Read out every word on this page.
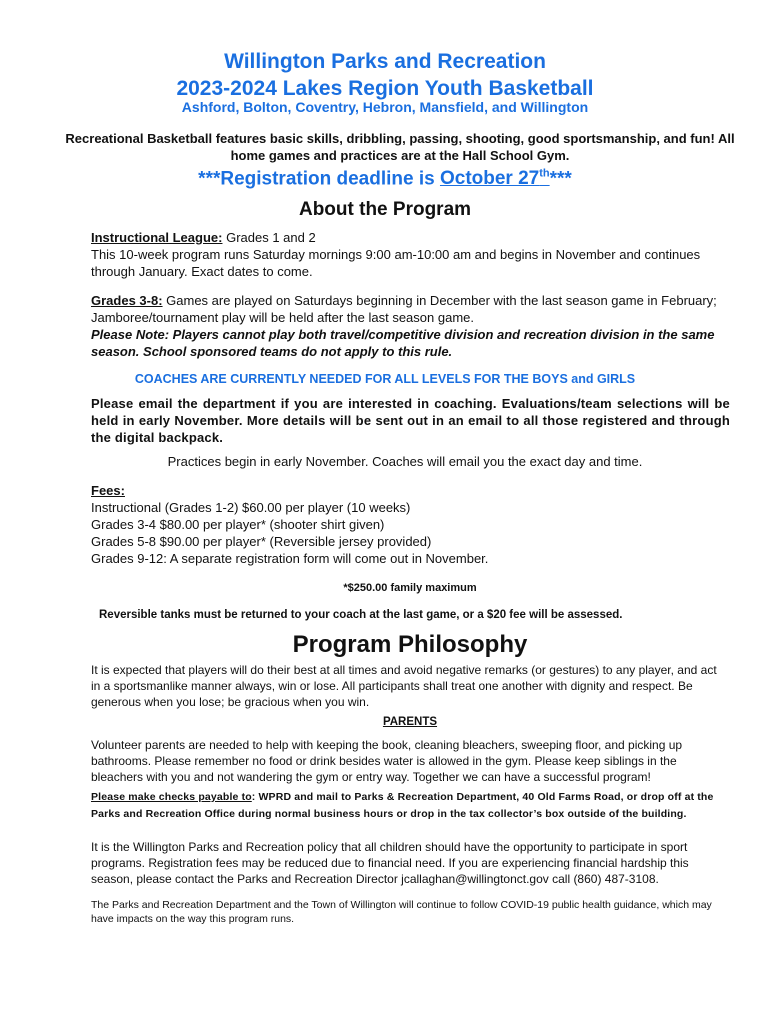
Willington Parks and Recreation
2023-2024 Lakes Region Youth Basketball
Ashford, Bolton, Coventry, Hebron, Mansfield, and Willington
Recreational Basketball features basic skills, dribbling, passing, shooting, good sportsmanship, and fun! All home games and practices are at the Hall School Gym.
***Registration deadline is October 27th***
About the Program
Instructional League: Grades 1 and 2
This 10-week program runs Saturday mornings 9:00 am-10:00 am and begins in November and continues through January. Exact dates to come.
Grades 3-8: Games are played on Saturdays beginning in December with the last season game in February; Jamboree/tournament play will be held after the last season game.
Please Note: Players cannot play both travel/competitive division and recreation division in the same season. School sponsored teams do not apply to this rule.
COACHES ARE CURRENTLY NEEDED FOR ALL LEVELS FOR THE BOYS and GIRLS
Please email the department if you are interested in coaching. Evaluations/team selections will be held in early November. More details will be sent out in an email to all those registered and through the digital backpack.
Practices begin in early November. Coaches will email you the exact day and time.
Fees:
Instructional (Grades 1-2) $60.00 per player (10 weeks)
Grades 3-4 $80.00 per player* (shooter shirt given)
Grades 5-8 $90.00 per player* (Reversible jersey provided)
Grades 9-12: A separate registration form will come out in November.
*$250.00 family maximum
Reversible tanks must be returned to your coach at the last game, or a $20 fee will be assessed.
Program Philosophy
It is expected that players will do their best at all times and avoid negative remarks (or gestures) to any player, and act in a sportsmanlike manner always, win or lose. All participants shall treat one another with dignity and respect. Be generous when you lose; be gracious when you win.
PARENTS
Volunteer parents are needed to help with keeping the book, cleaning bleachers, sweeping floor, and picking up bathrooms. Please remember no food or drink besides water is allowed in the gym. Please keep siblings in the bleachers with you and not wandering the gym or entry way. Together we can have a successful program!
Please make checks payable to: WPRD and mail to Parks & Recreation Department, 40 Old Farms Road, or drop off at the Parks and Recreation Office during normal business hours or drop in the tax collector’s box outside of the building.
It is the Willington Parks and Recreation policy that all children should have the opportunity to participate in sport programs. Registration fees may be reduced due to financial need. If you are experiencing financial hardship this season, please contact the Parks and Recreation Director jcallaghan@willingtonct.gov call (860) 487-3108.
The Parks and Recreation Department and the Town of Willington will continue to follow COVID-19 public health guidance, which may have impacts on the way this program runs.
